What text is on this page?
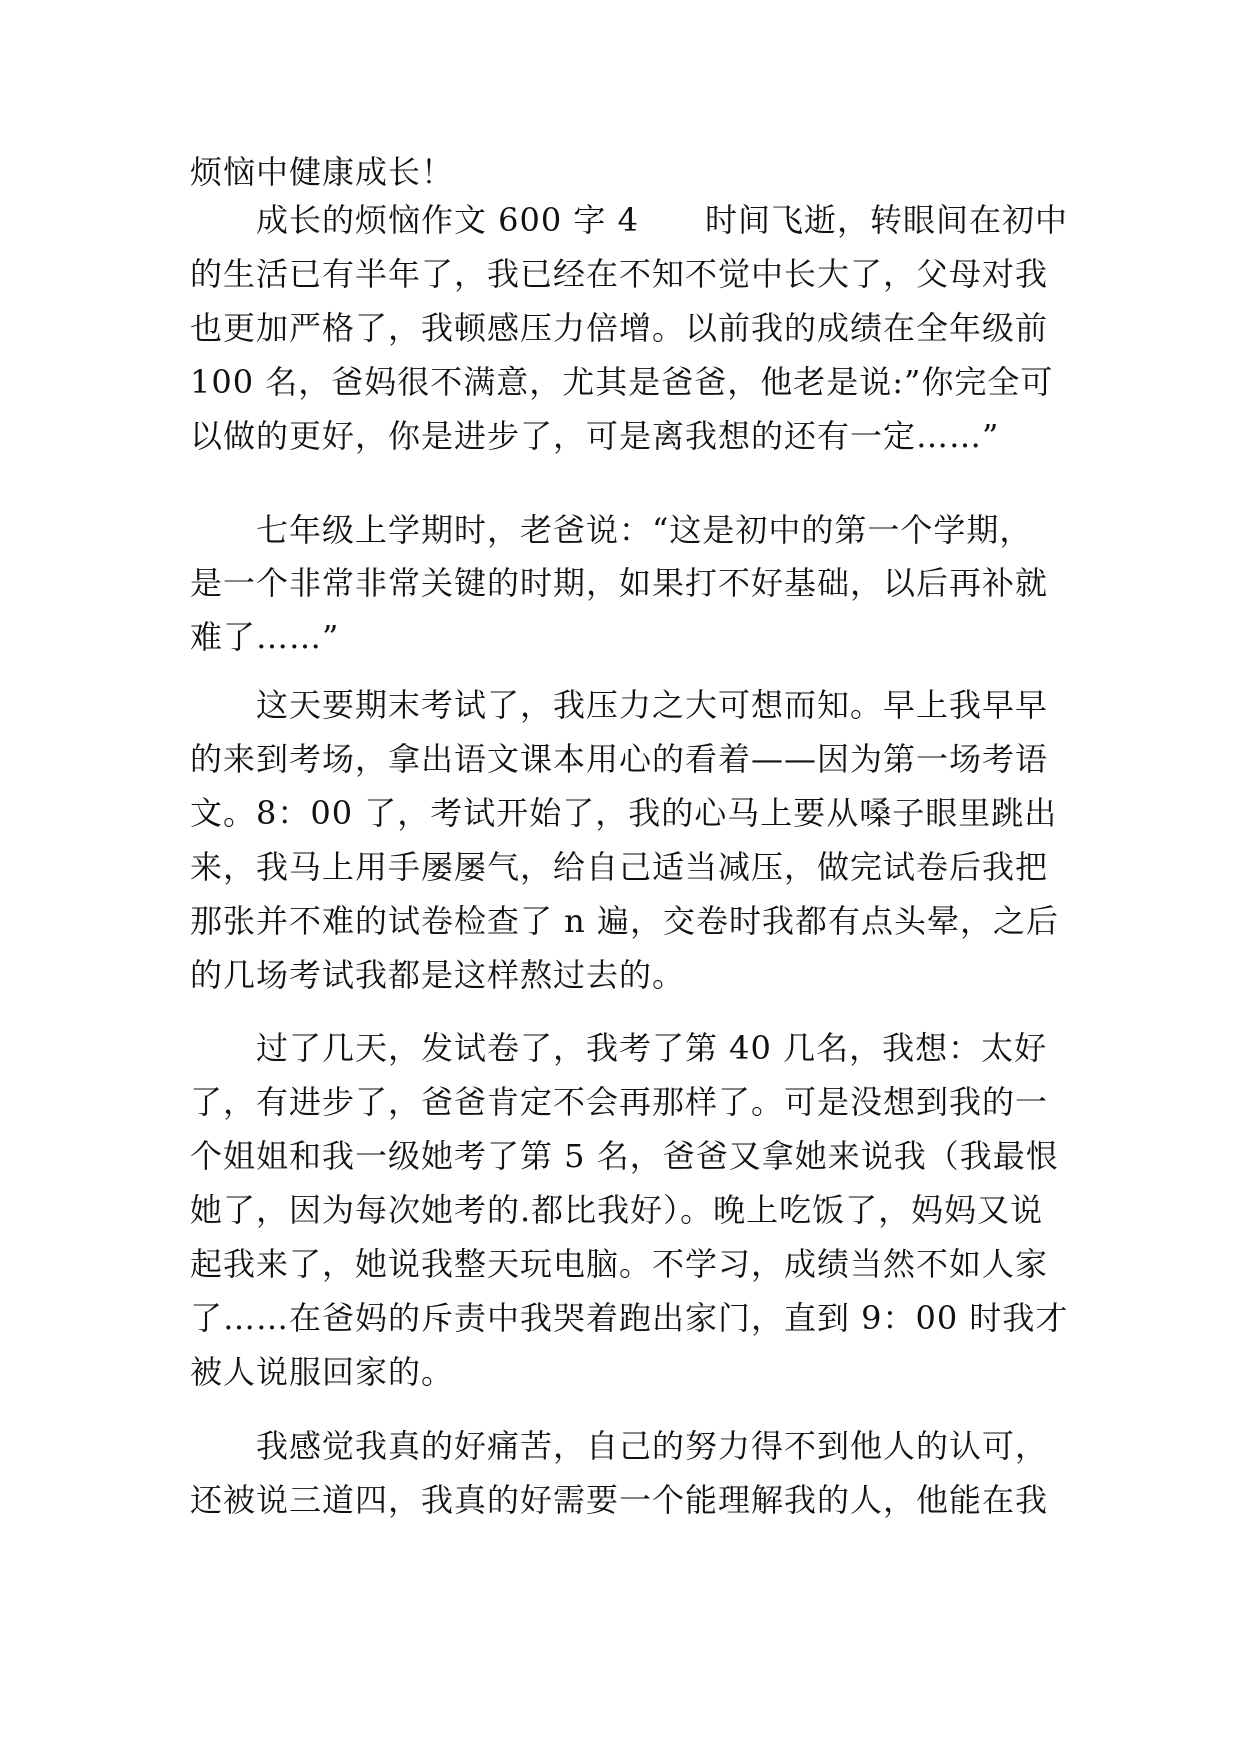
烦恼中健康成长！
成长的烦恼作文 600 字 4　　时间飞逝，转眼间在初中
的生活已有半年了，我已经在不知不觉中长大了，父母对我
也更加严格了，我顿感压力倍增。以前我的成绩在全年级前
100 名，爸妈很不满意，尤其是爸爸，他老是说:”你完全可
以做的更好，你是进步了，可是离我想的还有一定……”
七年级上学期时，老爸说：“这是初中的第一个学期，
是一个非常非常关键的时期，如果打不好基础，以后再补就
难了……”
这天要期末考试了，我压力之大可想而知。早上我早早
的来到考场，拿出语文课本用心的看着——因为第一场考语
文。8：00 了，考试开始了，我的心马上要从嗓子眼里跳出
来，我马上用手屡屡气，给自己适当减压，做完试卷后我把
那张并不难的试卷检查了 n 遍，交卷时我都有点头晕，之后
的几场考试我都是这样熬过去的。
过了几天，发试卷了，我考了第 40 几名，我想：太好
了，有进步了，爸爸肯定不会再那样了。可是没想到我的一
个姐姐和我一级她考了第 5 名，爸爸又拿她来说我（我最恨
她了，因为每次她考的.都比我好）。晚上吃饭了，妈妈又说
起我来了，她说我整天玩电脑。不学习，成绩当然不如人家
了……在爸妈的斥责中我哭着跑出家门，直到 9：00 时我才
被人说服回家的。
我感觉我真的好痛苦，自己的努力得不到他人的认可，
还被说三道四，我真的好需要一个能理解我的人，他能在我
